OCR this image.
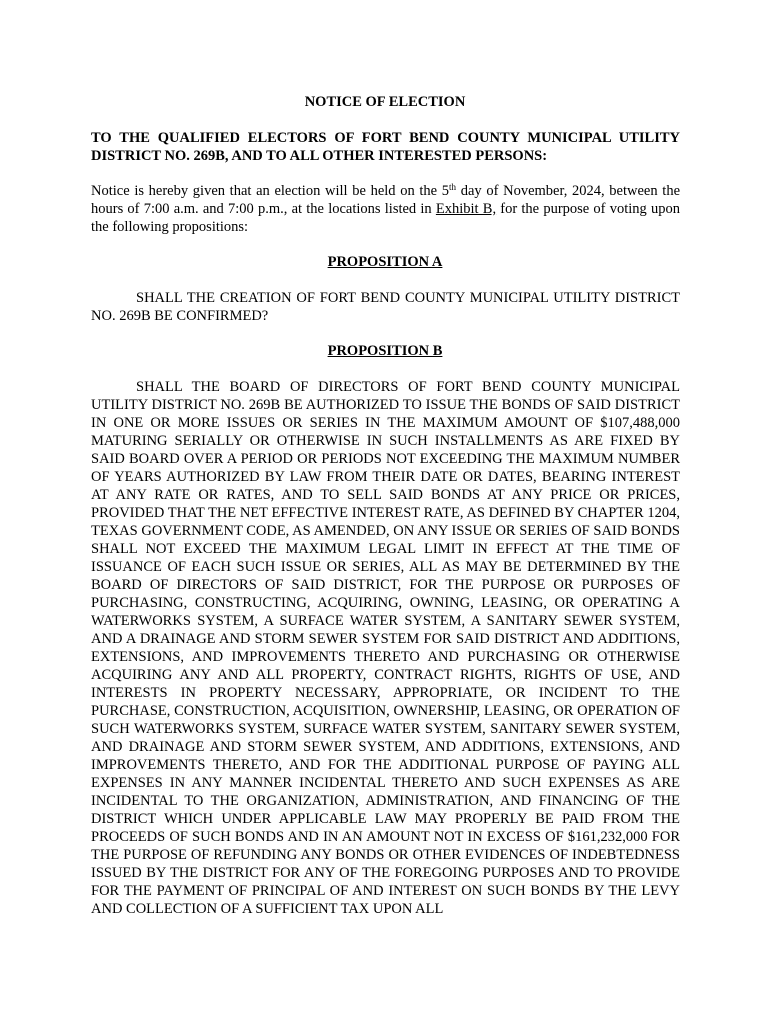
NOTICE OF ELECTION

TO THE QUALIFIED ELECTORS OF FORT BEND COUNTY MUNICIPAL UTILITY DISTRICT NO. 269B, AND TO ALL OTHER INTERESTED PERSONS:

Notice is hereby given that an election will be held on the 5th day of November, 2024, between the hours of 7:00 a.m. and 7:00 p.m., at the locations listed in Exhibit B, for the purpose of voting upon the following propositions:

PROPOSITION A

SHALL THE CREATION OF FORT BEND COUNTY MUNICIPAL UTILITY DISTRICT NO. 269B BE CONFIRMED?

PROPOSITION B

SHALL THE BOARD OF DIRECTORS OF FORT BEND COUNTY MUNICIPAL UTILITY DISTRICT NO. 269B BE AUTHORIZED TO ISSUE THE BONDS OF SAID DISTRICT IN ONE OR MORE ISSUES OR SERIES IN THE MAXIMUM AMOUNT OF $107,488,000 MATURING SERIALLY OR OTHERWISE IN SUCH INSTALLMENTS AS ARE FIXED BY SAID BOARD OVER A PERIOD OR PERIODS NOT EXCEEDING THE MAXIMUM NUMBER OF YEARS AUTHORIZED BY LAW FROM THEIR DATE OR DATES, BEARING INTEREST AT ANY RATE OR RATES, AND TO SELL SAID BONDS AT ANY PRICE OR PRICES, PROVIDED THAT THE NET EFFECTIVE INTEREST RATE, AS DEFINED BY CHAPTER 1204, TEXAS GOVERNMENT CODE, AS AMENDED, ON ANY ISSUE OR SERIES OF SAID BONDS SHALL NOT EXCEED THE MAXIMUM LEGAL LIMIT IN EFFECT AT THE TIME OF ISSUANCE OF EACH SUCH ISSUE OR SERIES, ALL AS MAY BE DETERMINED BY THE BOARD OF DIRECTORS OF SAID DISTRICT, FOR THE PURPOSE OR PURPOSES OF PURCHASING, CONSTRUCTING, ACQUIRING, OWNING, LEASING, OR OPERATING A WATERWORKS SYSTEM, A SURFACE WATER SYSTEM, A SANITARY SEWER SYSTEM, AND A DRAINAGE AND STORM SEWER SYSTEM FOR SAID DISTRICT AND ADDITIONS, EXTENSIONS, AND IMPROVEMENTS THERETO AND PURCHASING OR OTHERWISE ACQUIRING ANY AND ALL PROPERTY, CONTRACT RIGHTS, RIGHTS OF USE, AND INTERESTS IN PROPERTY NECESSARY, APPROPRIATE, OR INCIDENT TO THE PURCHASE, CONSTRUCTION, ACQUISITION, OWNERSHIP, LEASING, OR OPERATION OF SUCH WATERWORKS SYSTEM, SURFACE WATER SYSTEM, SANITARY SEWER SYSTEM, AND DRAINAGE AND STORM SEWER SYSTEM, AND ADDITIONS, EXTENSIONS, AND IMPROVEMENTS THERETO, AND FOR THE ADDITIONAL PURPOSE OF PAYING ALL EXPENSES IN ANY MANNER INCIDENTAL THERETO AND SUCH EXPENSES AS ARE INCIDENTAL TO THE ORGANIZATION, ADMINISTRATION, AND FINANCING OF THE DISTRICT WHICH UNDER APPLICABLE LAW MAY PROPERLY BE PAID FROM THE PROCEEDS OF SUCH BONDS AND IN AN AMOUNT NOT IN EXCESS OF $161,232,000 FOR THE PURPOSE OF REFUNDING ANY BONDS OR OTHER EVIDENCES OF INDEBTEDNESS ISSUED BY THE DISTRICT FOR ANY OF THE FOREGOING PURPOSES AND TO PROVIDE FOR THE PAYMENT OF PRINCIPAL OF AND INTEREST ON SUCH BONDS BY THE LEVY AND COLLECTION OF A SUFFICIENT TAX UPON ALL
